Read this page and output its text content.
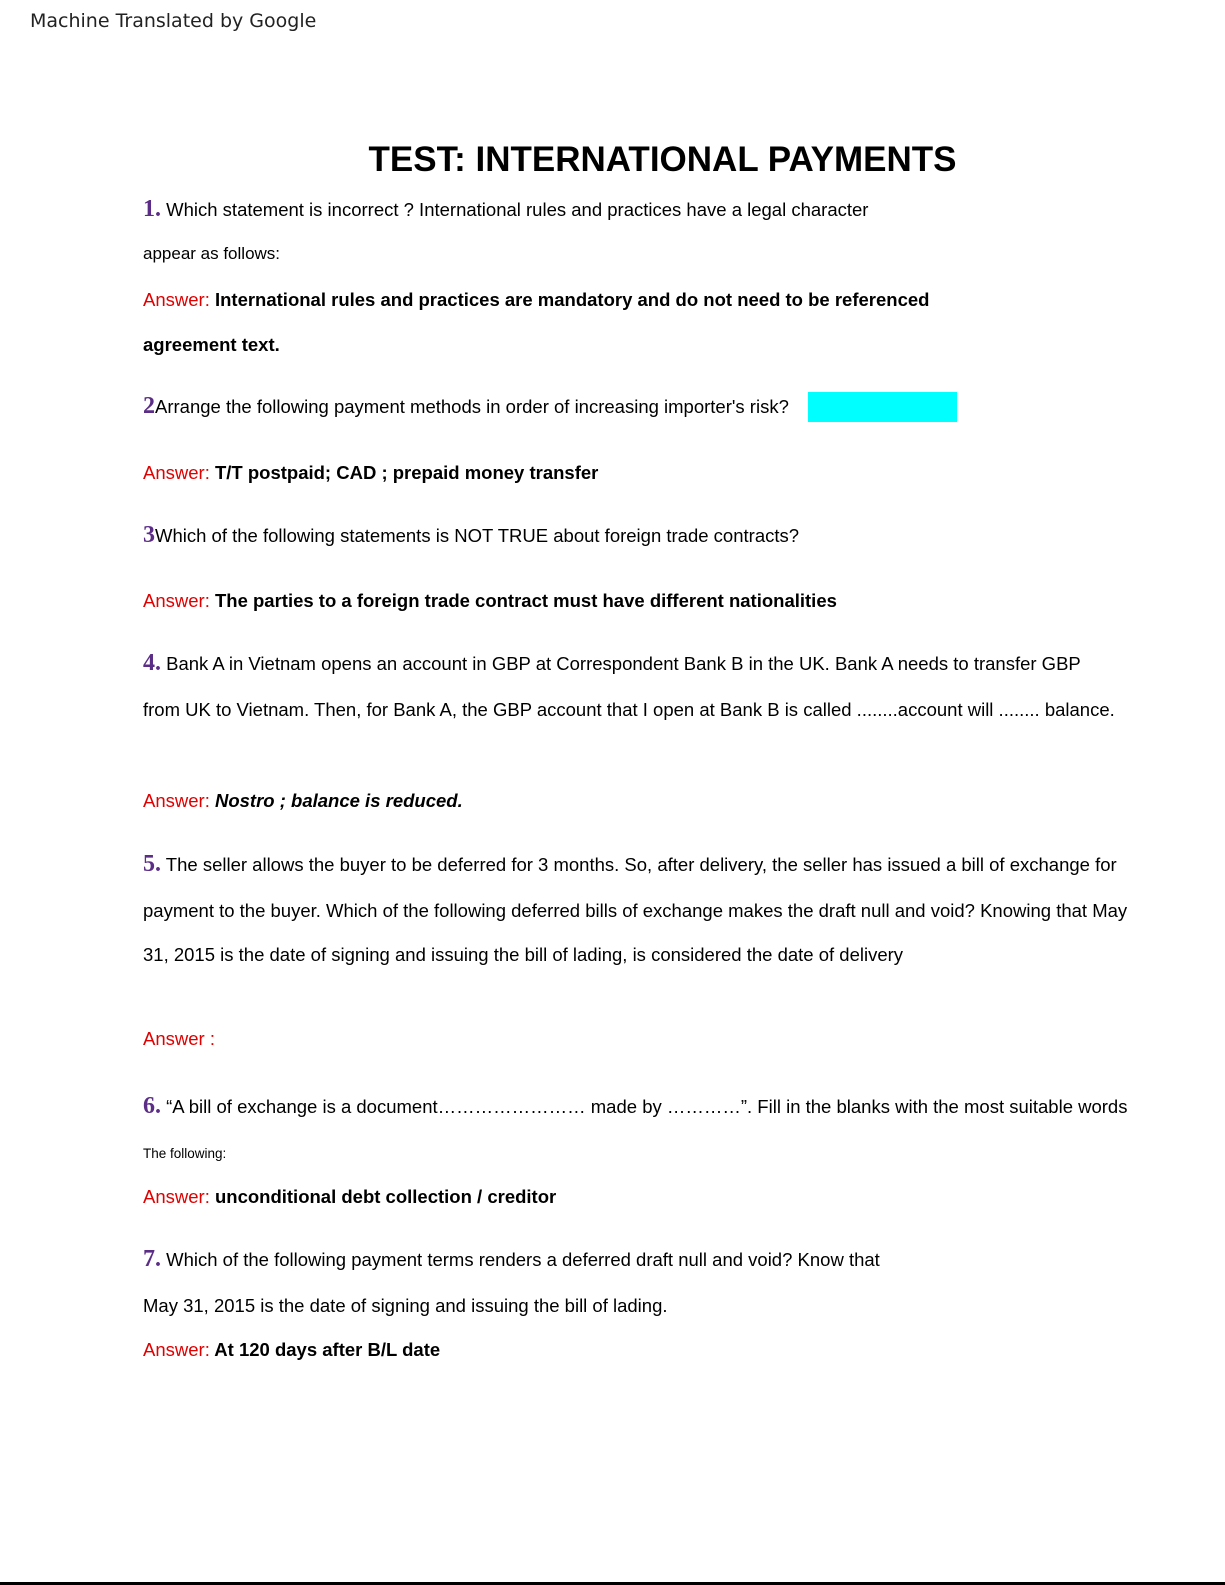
Machine Translated by Google
TEST: INTERNATIONAL PAYMENTS
1. Which statement is incorrect ? International rules and practices have a legal character
appear as follows:
Answer: International rules and practices are mandatory and do not need to be referenced
agreement text.
2Arrange the following payment methods in order of increasing importer's risk?
Answer: T/T postpaid; CAD ; prepaid money transfer
3Which of the following statements is NOT TRUE about foreign trade contracts?
Answer: The parties to a foreign trade contract must have different nationalities
4. Bank A in Vietnam opens an account in GBP at Correspondent Bank B in the UK. Bank A needs to transfer GBP
from UK to Vietnam. Then, for Bank A, the GBP account that I open at Bank B is called ........account will ........ balance.
Answer: Nostro ; balance is reduced.
5. The seller allows the buyer to be deferred for 3 months. So, after delivery, the seller has issued a bill of exchange for
payment to the buyer. Which of the following deferred bills of exchange makes the draft null and void? Knowing that May
31, 2015 is the date of signing and issuing the bill of lading, is considered the date of delivery
Answer :
6. “A bill of exchange is a document…………………… made by …………”. Fill in the blanks with the most suitable words
The following:
Answer: unconditional debt collection / creditor
7. Which of the following payment terms renders a deferred draft null and void? Know that
May 31, 2015 is the date of signing and issuing the bill of lading.
Answer: At 120 days after B/L date
